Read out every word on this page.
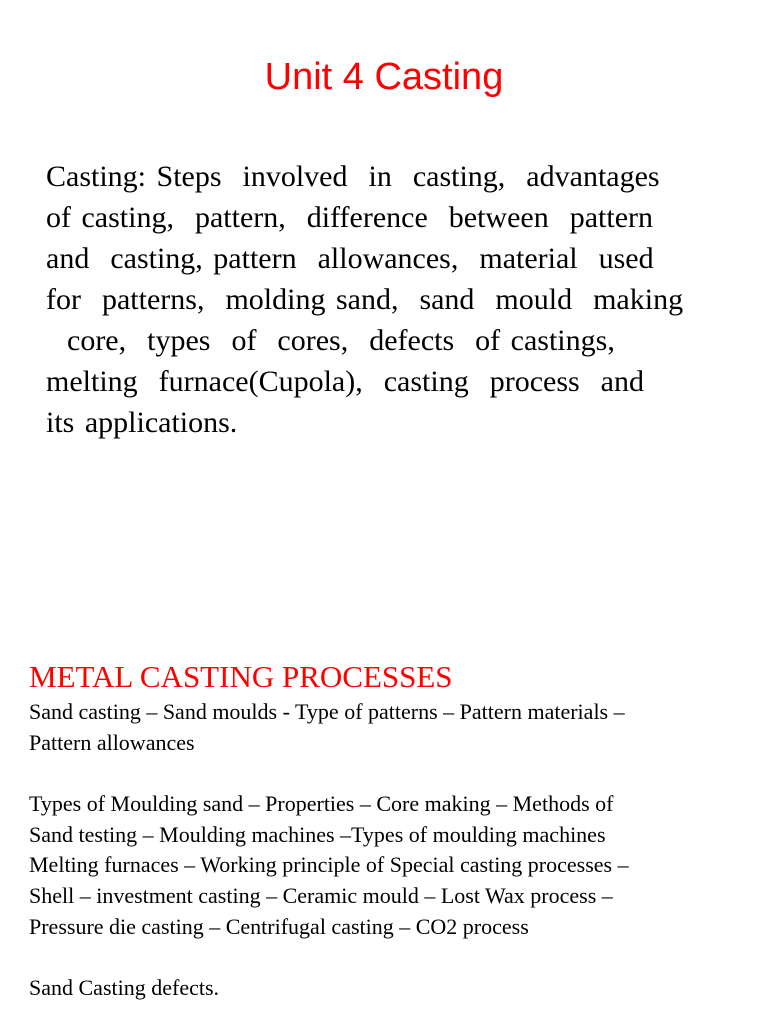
Unit 4 Casting
Casting: Steps  involved  in  casting,  advantages
of casting,  pattern,  difference  between  pattern
and  casting, pattern  allowances,  material  used
for  patterns,  molding sand,  sand  mould  making
core,  types  of  cores,  defects  of castings,
melting  furnace(Cupola),  casting  process  and
its applications.
METAL CASTING PROCESSES
Sand casting – Sand moulds - Type of patterns – Pattern materials –
Pattern allowances
Types of Moulding sand – Properties – Core making – Methods of
Sand testing – Moulding machines –Types of moulding machines
Melting furnaces – Working principle of Special casting processes –
Shell – investment casting – Ceramic mould – Lost Wax process –
Pressure die casting – Centrifugal casting – CO2 process
Sand Casting defects.
